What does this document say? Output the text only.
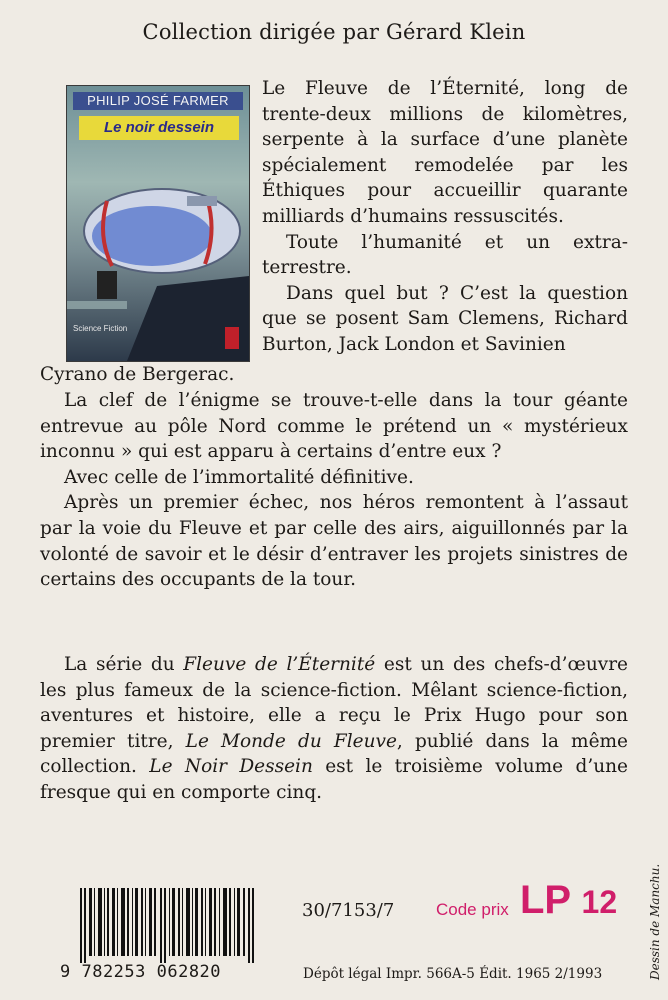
Collection dirigée par Gérard Klein
PHILIP JOSÉ FARMER
Le noir dessein
Science Fiction

Le Fleuve de l’Éternité, long de trente-deux millions de kilomètres, serpente à la surface d’une planète spécialement remodelée par les Éthiques pour accueillir quarante milliards d’humains ressuscités.

Toute l’humanité et un extra-terrestre.

Dans quel but ? C’est la question que se posent Sam Clemens, Richard Burton, Jack London et Savinien

Cyrano de Bergerac.

La clef de l’énigme se trouve-t-elle dans la tour géante entrevue au pôle Nord comme le prétend un « mystérieux inconnu » qui est apparu à certains d’entre eux ?

Avec celle de l’immortalité définitive.

Après un premier échec, nos héros remontent à l’assaut par la voie du Fleuve et par celle des airs, aiguillonnés par la volonté de savoir et le désir d’entraver les projets sinistres de certains des occupants de la tour.

La série du Fleuve de l’Éternité est un des chefs-d’œuvre les plus fameux de la science-fiction. Mêlant science-fiction, aventures et histoire, elle a reçu le Prix Hugo pour son premier titre, Le Monde du Fleuve, publié dans la même collection. Le Noir Dessein est le troisième volume d’une fresque qui en comporte cinq.

9 782253 062820
30/7153/7 Code prix LP 12
Dépôt légal Impr. 566A-5 Édit. 1965 2/1993	Dessin de Manchu.
